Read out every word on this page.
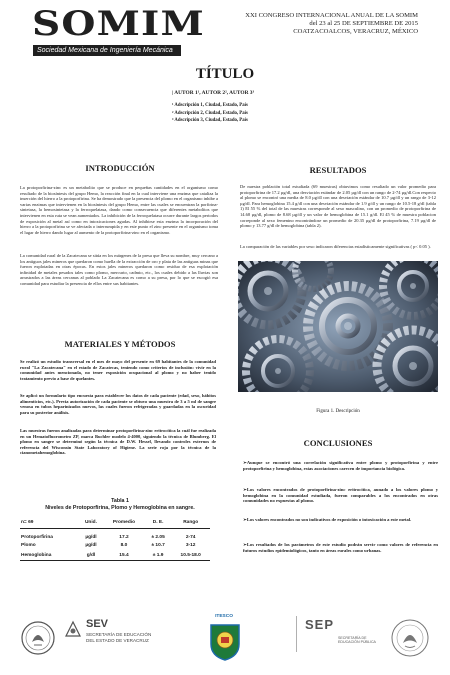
SOMIM
Sociedad Mexicana de Ingeniería Mecánica
XXI CONGRESO INTERNACIONAL ANUAL DE LA SOMIM
del 23 al 25 DE SEPTIEMBRE DE 2015
COATZACOALCOS, VERACRUZ, MÉXICO
TÍTULO
| AUTOR 1¹, AUTOR 2², AUTOR 3³
¹ Adscripción 1, Ciudad, Estado, País
² Adscripción 2, Ciudad, Estado, País
³ Adscripción 3, Ciudad, Estado, País
INTRODUCCIÓN
La protoporfirina-zinc es un metabolito que se produce en pequeñas cantidades en el organismo como resultado de la biosíntesis del grupo Hemo, la reacción final en la cual interviene una enzima que cataliza la inserción del hierro a la protoporfirina. Se ha demostrado que la presencia del plomo en el organismo inhibe a varias enzimas que intervienen en la biosíntesis del grupo Hemo, entre las cuales se encuentran la porfirina-sintetasa, la hemosintetasa y la ferroquelatasa, dando como consecuencia que diferentes metabolitos que intervienen en esta ruta se vean aumentados. La inhibición de la ferroquelatasa ocurre durante largos periodos de exposición al metal así como en intoxicaciones agudas. Al inhibirse esta enzima la incorporación del hierro a la protoporfirina se ve afectada o interrumpida y en este punto el zinc presente en el organismo toma el lugar de hierro dando lugar al aumento de la protoporfirina-zinc en el organismo.
La comunidad rural de la Zacatecana se sitúa en los márgenes de la presa que lleva su nombre, muy cercano a los antiguos jales mineros que quedaron como huella de la extracción de oro y plata de las antiguas minas que fueron explotadas en otras épocas. En estos jales mineros quedaron como residuo de esa explotación infinidad de metales pesados tales como plomo, mercurio, cadmio, etc., los cuales debido a las lluvias son arrastrados a las áreas cercanas al poblado La Zacatecana es como a su presa, por lo que se escogió esa comunidad para estudiar la presencia de ellos entre sus habitantes.
MATERIALES Y MÉTODOS
Se realizó un estudio transversal en el mes de mayo del presente en 69 habitantes de la comunidad rural "La Zacatecana" en el estado de Zacatecas, teniendo como criterios de inclusión: vivir en la comunidad antes mencionada, no tener exposición ocupacional al plomo y no haber tenido tratamiento previo a base de quelantes.
Se aplicó un formulario tipo encuesta para establecer los datos de cada paciente (edad, sexo, hábitos alimenticios, etc.). Previa autorización de cada paciente se obtuvo una muestra de 3 a 5 ml de sangre venosa en tubos heparinizados nuevos, las cuales fueron refrigeradas y guardadas en la oscuridad para su posterior análisis.
Las muestras fueron analizadas para determinar protoporfirina-zinc eritrocítica la cuál fue realizada en un Hematofluorometro ZP, marca Buchler modelo 4-4000, siguiendo la técnica de Blumberg. El plomo en sangre se determinó según la técnica de D.W. Hessel, llevando controles externos de referencia del Wisconsin State Laboratory of Higiene. La serie roja por la técnica de la cianometahemoglobina.
Tabla 1
Niveles de Protoporfirina, Plomo y Hemoglobina en sangre.
n= 69	Unid.	Promedio	D. E.	Rango
Protoporfirina	µg/dl	17.2	± 2.05	2-74
Plomo	µg/dl	8.0	± 10.7	3-12
Hemoglobina	g/dl	15.4	± 1.9	10.5-18.0
RESULTADOS
De nuestra población total estudiada (69 muestras) obtuvimos como resultado un valor promedio para protoporfirina de 17.2 µg/dl, una desviación estándar de 2.05 µg/dl con un rango de 2-74 µg/dl.Con respecto al plomo se encontró una media de 8.0 µg/dl con una desviación estándar de 10.7 µg/dl y un rango de 3-12 µg/dl. Para hemoglobina 15.4 g/dl con una desviación estándar de 1.9 g/dl y un rango de 10.5-18 g/dl (tabla 1) El 55 % del total de las muestras corresponde al sexo masculino, con un promedio de protoporfirina de 14.68 µg/dl, plomo de 8.68 µg/dl y un valor de hemoglobina de 15.1 g/dl. El 45 % de muestra poblacion correponde al sexo femenino encontrándose un promedio de 20.35 µg/dl de protoporfirina, 7.19 µg/dl de plomo y 13.77 g/dl de hemoglobina (tabla 2).
La comparación de las variables por sexo indicaron diferencias estadísticamente significativas ( p< 0.05 ).
Figura 1. Descripción
CONCLUSIONES
➢Aunque se encontró una correlación significativa entre plomo y protoporfirina y entre protoporfirina y hemoglobina, estas asociaciones carecen de importancia biológica.
➢Los valores encontrados de protoporfirina-zinc eritrocitica, aunado a los valores plomo y hemoglobina en la comunidad estudiada, fueron comparables a los encontrados en otras comunidades no expuestas al plomo.
➢Los valores encontrados no son indicativos de exposición o intoxicación a este metal.
➢Los resultados de los parámetros de este estudio podrán servir como valores de referencia en futuros estudios epidemiológicos, tanto en áreas rurales como urbanas.
SEV
SECRETARÍA DE EDUCACIÓN
DEL ESTADO DE VERACRUZ
ITESCO
SEP
SECRETARÍA DE
EDUCACIÓN PÚBLICA
